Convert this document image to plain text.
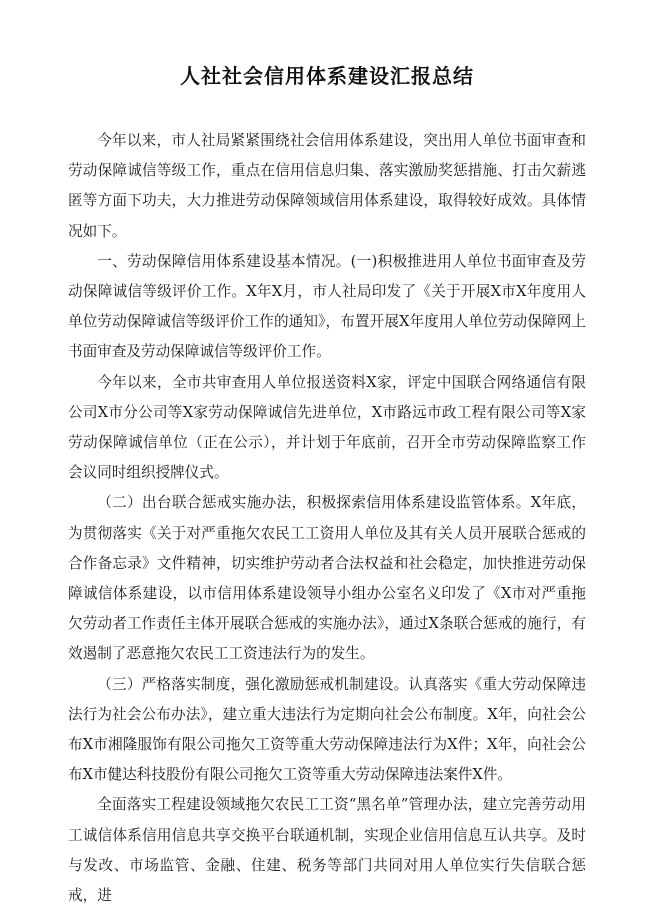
人社社会信用体系建设汇报总结

今年以来，市人社局紧紧围绕社会信用体系建设，突出用人单位书面审查和劳动保障诚信等级工作，重点在信用信息归集、落实激励奖惩措施、打击欠薪逃匿等方面下功夫，大力推进劳动保障领域信用体系建设，取得较好成效。具体情况如下。

一、劳动保障信用体系建设基本情况。(一)积极推进用人单位书面审查及劳动保障诚信等级评价工作。X年X月，市人社局印发了《关于开展X市X年度用人单位劳动保障诚信等级评价工作的通知》，布置开展X年度用人单位劳动保障网上书面审查及劳动保障诚信等级评价工作。

今年以来，全市共审查用人单位报送资料X家，评定中国联合网络通信有限公司X市分公司等X家劳动保障诚信先进单位，X市路远市政工程有限公司等X家劳动保障诚信单位（正在公示），并计划于年底前，召开全市劳动保障监察工作会议同时组织授牌仪式。

（二）出台联合惩戒实施办法，积极探索信用体系建设监管体系。X年底，为贯彻落实《关于对严重拖欠农民工工资用人单位及其有关人员开展联合惩戒的合作备忘录》文件精神，切实维护劳动者合法权益和社会稳定，加快推进劳动保障诚信体系建设，以市信用体系建设领导小组办公室名义印发了《X市对严重拖欠劳动者工作责任主体开展联合惩戒的实施办法》，通过X条联合惩戒的施行，有效遏制了恶意拖欠农民工工资违法行为的发生。

（三）严格落实制度，强化激励惩戒机制建设。认真落实《重大劳动保障违法行为社会公布办法》，建立重大违法行为定期向社会公布制度。X年，向社会公布X市湘隆服饰有限公司拖欠工资等重大劳动保障违法行为X件；X年，向社会公布X市健达科技股份有限公司拖欠工资等重大劳动保障违法案件X件。

全面落实工程建设领域拖欠农民工工资“黑名单”管理办法，建立完善劳动用工诚信体系信用信息共享交换平台联通机制，实现企业信用信息互认共享。及时与发改、市场监管、金融、住建、税务等部门共同对用人单位实行失信联合惩戒，进
